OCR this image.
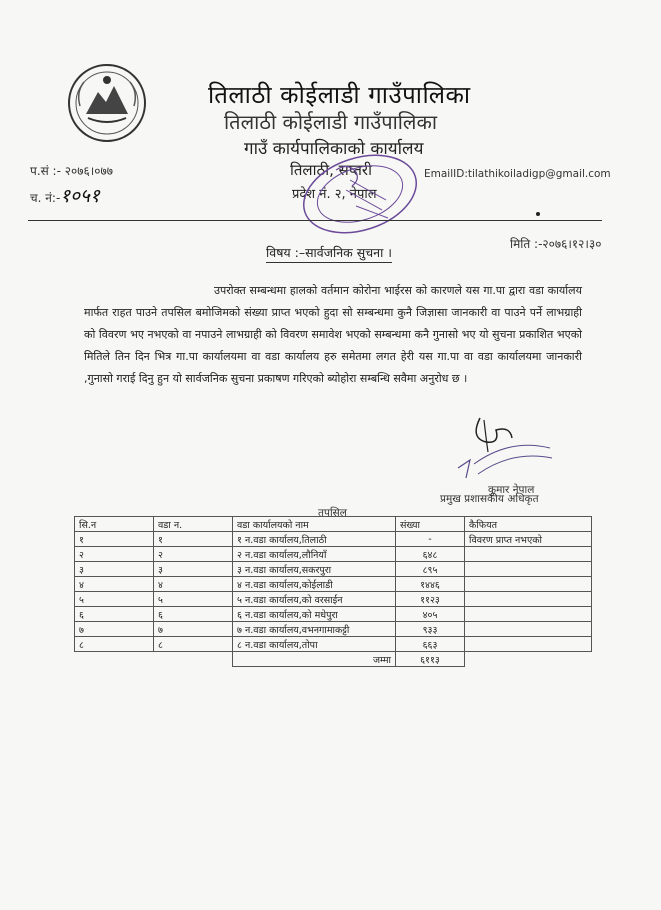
तिलाठी कोईलाडी गाउँपालिका
तिलाठी कोईलाडी गाउँपालिका
गाउँ कार्यपालिकाको कार्यालय
तिलाठी, सप्तरी
प्रदेश नं. २, नेपाल
EmailID:tilathikoiladigp@gmail.com
प.सं :- २०७६।०७७
च. नं:-१०५१
मिति :-२०७६।१२।३०
विषय :–सार्वजनिक सुचना ।
उपरोक्त सम्बन्धमा हालको वर्तमान कोरोना भाईरस को कारणले यस गा.पा द्वारा वडा कार्यालय मार्फत राहत पाउने तपसिल बमोजिमको संख्या प्राप्त भएको हुदा सो सम्बन्धमा कुनै जिज्ञासा जानकारी वा पाउने पर्ने लाभग्राही को विवरण भए नभएको वा नपाउने लाभग्राही को विवरण समावेश भएको सम्बन्धमा कनै गुनासो भए यो सुचना प्रकाशित भएको मितिले तिन दिन भित्र गा.पा कार्यालयमा वा वडा कार्यालय हरु समेतमा लगत हेरी यस गा.पा वा वडा कार्यालयमा जानकारी ,गुनासो गराई दिनु हुन यो सार्वजनिक सुचना प्रकाषण गरिएको ब्योहोरा सम्बन्धि सवैमा अनुरोध छ ।
कुमार नेपाल
प्रमुख प्रशासकीय अधिकृत
तपसिल
सि.न	वडा न.	वडा कार्यालयको नाम	संख्या	कैफियत
१	१	१ न.वडा कार्यालय,तिलाठी	-	विवरण प्राप्त नभएको
२	२	२ न.वडा कार्यालय,लौनियाँ	६४८	
३	३	३ न.वडा कार्यालय,सकरपुरा	८९५	
४	४	४ न.वडा कार्यालय,कोईलाडी	१४४६	
५	५	५ न.वडा कार्यालय,को वरसाईन	११२३	
६	६	६ न.वडा कार्यालय,को मधेपुरा	४०५	
७	७	७ न.वडा कार्यालय,वभनगामाकट्टी	९३३	
८	८	८ न.वडा कार्यालय,तोपा	६६३	
		जम्मा	६११३	
